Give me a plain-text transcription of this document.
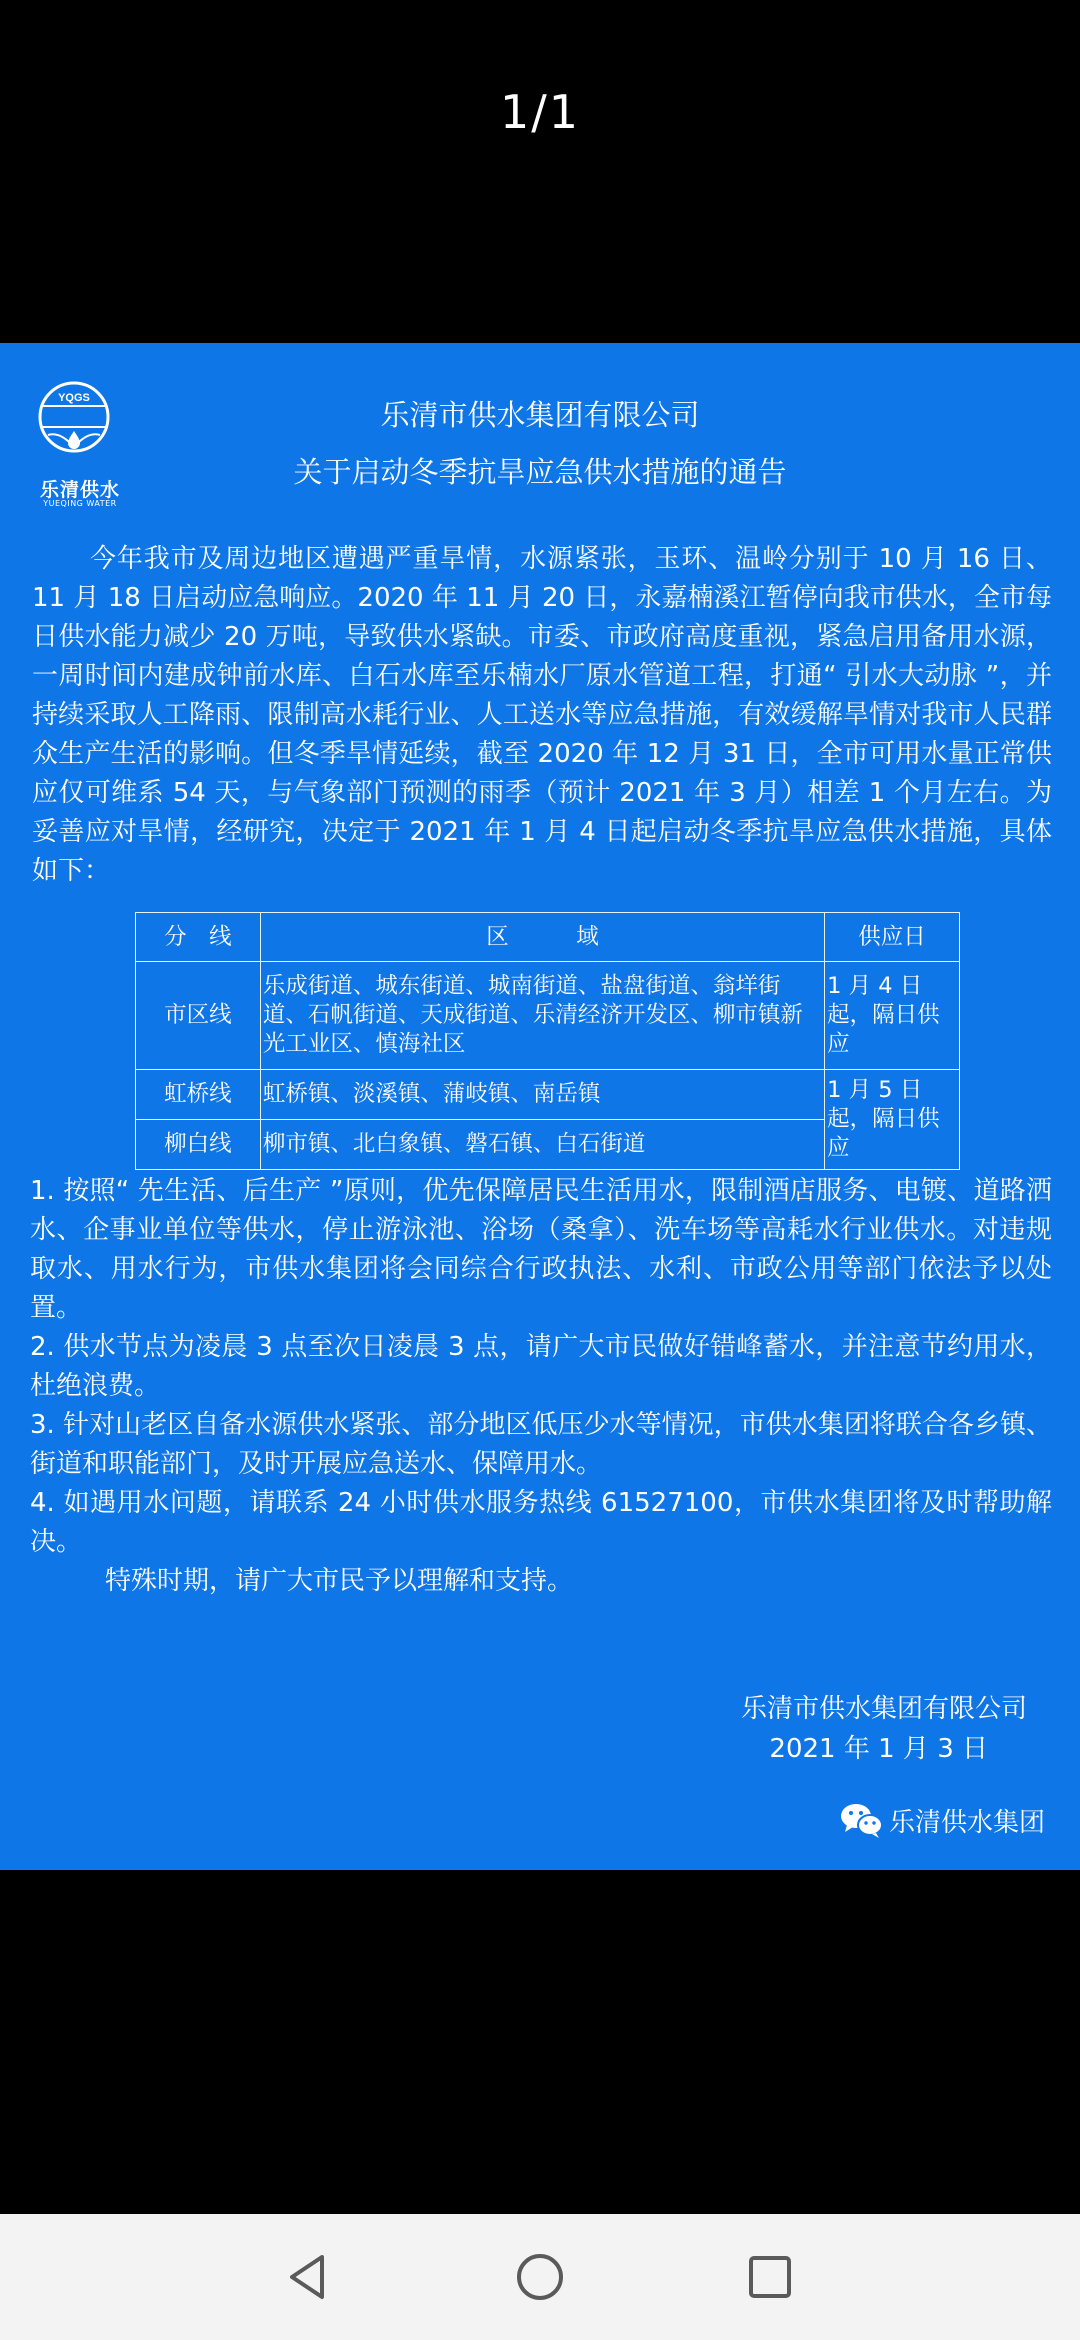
1/1
YQGS
乐清供水
YUEQING WATER
乐清市供水集团有限公司
关于启动冬季抗旱应急供水措施的通告
今年我市及周边地区遭遇严重旱情，水源紧张，玉环、温岭分别于 10 月 16 日、11 月 18 日启动应急响应。2020 年 11 月 20 日，永嘉楠溪江暂停向我市供水，全市每日供水能力减少 20 万吨，导致供水紧缺。市委、市政府高度重视，紧急启用备用水源，一周时间内建成钟前水库、白石水库至乐楠水厂原水管道工程，打通“ 引水大动脉 ”，并持续采取人工降雨、限制高水耗行业、人工送水等应急措施，有效缓解旱情对我市人民群众生产生活的影响。但冬季旱情延续，截至 2020 年 12 月 31 日，全市可用水量正常供应仅可维系 54 天，与气象部门预测的雨季（预计 2021 年 3 月）相差 1 个月左右。为妥善应对旱情，经研究，决定于 2021 年 1 月 4 日起启动冬季抗旱应急供水措施，具体如下：
分　线	区　　　域	供应日
市区线	乐成街道、城东街道、城南街道、盐盘街道、翁垟街道、石帆街道、天成街道、乐清经济开发区、柳市镇新光工业区、慎海社区	1 月 4 日起，隔日供应
虹桥线	虹桥镇、淡溪镇、蒲岐镇、南岳镇	1 月 5 日起，隔日供应
柳白线	柳市镇、北白象镇、磐石镇、白石街道	

1. 按照“ 先生活、后生产 ”原则，优先保障居民生活用水，限制酒店服务、电镀、道路洒水、企事业单位等供水，停止游泳池、浴场（桑拿）、洗车场等高耗水行业供水。对违规取水、用水行为，市供水集团将会同综合行政执法、水利、市政公用等部门依法予以处置。

2. 供水节点为凌晨 3 点至次日凌晨 3 点，请广大市民做好错峰蓄水，并注意节约用水，杜绝浪费。

3. 针对山老区自备水源供水紧张、部分地区低压少水等情况，市供水集团将联合各乡镇、街道和职能部门，及时开展应急送水、保障用水。

4. 如遇用水问题，请联系 24 小时供水服务热线 61527100，市供水集团将及时帮助解决。

特殊时期，请广大市民予以理解和支持。

乐清市供水集团有限公司
2021 年 1 月 3 日
乐清供水集团
